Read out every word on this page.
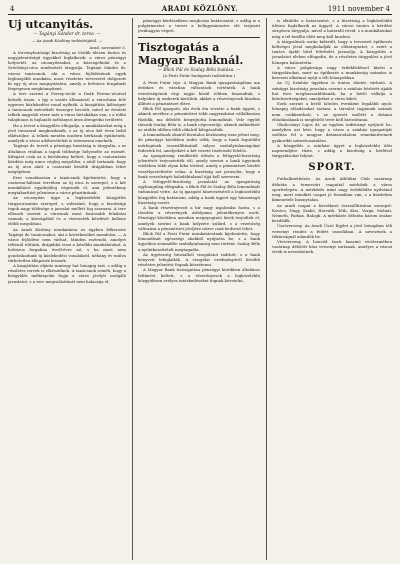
4	ARADI KÖZLÖNY.	1911 november 4
Uj utcanyitás.
— Tagányi Sándor dr. terve. —
— Az Aradi Közlöny tudósítójától. —

Arad, november 3.

A törvényhatósági bizottság az ötödik ülésen fontos és nagyjelentőségű ügyekkel foglalkozik: a város pénzügyi helyzetét, az utcanyitásokat, a közvágóhidat és a Széchényi-utca rendezését tárgyalja. Tagányi Sándor dr. városi tanácsnok, aki a város fejlődésének egyik legbuzgóbb munkása, most részletes tervezetet dolgozott ki egy új utca megnyitására, amely a belváros forgalmát lényegesen megkönnyítené.

A terv szerint a Forray-utcát a Deák Ferenc-utcával kötnék össze, s így a vasúti állomástól a városháza felé egyenes közlekedési vonal nyílnék. A kisajátítás költségeit a tanácsnok mérsékelt összegre becsüli, mivel az érintett telkek nagyobb része már a város birtokában van, s a többi tulajdonos is hajlandó méltányos áron átengedni területét.

Ha a tervet a közgyűlés elfogadja, a munkálatokat még a jövő tavasszal megkezdenék, s az új utca két éven belül elkészülne. A telkek mentén modern bérházak épülnének, amelyek a város adóbevételeit is tetemesen emelnék.

Tagányi dr. tervét a pénzügyi bizottság is tárgyalta, s az általános vitában a tagok többsége helyeselte az eszmét. Kifogást csak az a körülmény keltett, hogy a csatornázás kérdése még nincs végleg megoldva, s attól tartanak, hogy az új utca alatt a csatornát később drágábban lehet megépíteni.

Erre vonatkozóan a tanácsnok kijelentette, hogy a csatorna-hálózat tervében az új utca is szerepel, s a két munkálatot egyidejűleg végeznék el, ami jelentékeny megtakarítást jelentene a város pénztárának.

Az utcanyitás ügye a legközelebbi közgyűlés tárgysorozatán szerepel, s valószínű, hogy a bizottsági tagok nagy többsége a javaslat mellett fog szavazni. A terv ellenzői szerint a városnak most fontosabb feladatai vannak; a közvágóhíd és a vízvezeték kérdését kellene előbb megoldani.

Az Aradi Közlöny munkatársa ez ügyben felkereste Tagányi dr. tanácsnokot, aki a következőket mondotta: — A város fejlődése nem várhat. Minden esztendő, amelyet tétlenül töltünk, drágábbá teszi a későbbi munkálatokat. A belváros forgalma évről-évre nő, s ha most nem gondoskodunk új közlekedési vonalakról, néhány év múlva tűrhetetlen állapotok lesznek.

A kisajátítási eljárás mintegy hat hónapig tart, s addig a részletes tervek is elkészülnek. A tanácsnok reméli, hogy a közgyűlés méltányolni fogja a város jövőjét szolgáló javaslatot, s a terv megvalósítását nem halasztja el.

pénzügyi kérdésekben meghozza határozatát, s addig is a polgármester a tervet a belügyminiszter elé terjeszti jóváhagyás végett.

Tisztogatás a Magyar Banknál.
— Blick Pál és Szalay Béla bukása. —
(A Pesti Futár budapesti tudósítása.)

A Pesti Futár írja: A Magyar Bank igazgatóságában ma érdekes és váratlan változások történtek. A bank vezetőségének régi tagjai közül többen lemondtak, s helyükre új emberek kerültek, akiket a részvényesek bizalma állított a pénzintézet élére.

Blick Pál igazgató, aki évek óta vezette a bank ügyeit, s akinek nevéhez a pénzintézet több nagyszabású vállalkozása fűződik, ma délelőtt benyújtotta lemondását. Vele együtt távozik Szalay Béla is, a bank cégvezetője, akinek működését az utóbbi időben több oldalról kifogásolták.

A lemondások okairól hivatalos közlemény nem jelent meg, de pénzügyi körökben tudni vélik, hogy a bank legutóbbi mérlegének összeállításánál súlyos szabálytalanságokat fedeztek fel, amelyekért a két vezető tisztviselő felelős.

Az igazgatóság rendkívüli ülésén a felügyelő-bizottság jelentését terjesztették elő, amely szerint a bank ügyeinek vitelében több olyan hiba történt, amely a pénzintézet hitelét veszélyeztethette volna. A bizottság azt javasolta, hogy a bank vezetőségét haladéktalanul újjá kell szervezni.

A felügyelő-bizottság javaslatát az igazgatóság egyhangúlag elfogadta, s Blick Pál és Szalay Béla lemondását tudomásul vette. Az új igazgató kinevezéséről a legközelebbi közgyűlés fog határozni, addig a bank ügyeit egy háromtagú bizottság vezeti.

A bank részvényeseit a hír nagy izgalomba hozta, s a tőzsdén a részvények árfolyama jelentékenyen esett. Pénzügyi körökben azonban megnyugtató hírek terjedtek el, amelyek szerint a bank helyzete szilárd, s a vezetőség változása a pénzintézet jövőjére nézve csak kedvező lehet.

Blick Pál a Pesti Futár munkatársának kijelentette, hogy lemondását egészségi okokból nyújtotta be, s a bank ügyeiben semmiféle szabálytalanság nem történt. Szalay Béla a nyilatkozattételt megtagadta.

Az ügyészség hivatalból vizsgálatot indított, s a bank könyveit lefoglalták. A vizsgálat eredményéről később részletes jelentést fognak közzétenni.

A Magyar Bank tisztogatása pénzügyi körökben általános feltűnést keltett, s a részvényesek a legközelebbi közgyűlésen erélyes intézkedéseket fognak követelni.

is elküldte a határozatot, s a bizottság a legközelebbi ülésen foglalkozik az üggyel. A városi tanács a kérdést sürgősen tárgyalja, mivel a határidő rövid, s a munkálatokat még a tél beállta előtt meg kell kezdeni.

A tárgyalások során kiderült, hogy a tervezett építkezés költségei jóval meghaladják az előirányzatot, s ezért a tanács újabb hitel felvételét javasolja. A közgyűlés a javaslatot elvben elfogadta, de a részletes tárgyalást a jövő hónapra halasztotta.

A város polgársága nagy érdeklődéssel kíséri a tárgyalásokat, mert az építkezés a munkásság számára is kereseti alkalmat nyújt a téli hónapokban.

Az Uj Színház ügyében is fontos döntés várható. A színügyi bizottság javaslata szerint a színház bérletét újabb hat évre meghosszabbítanák, ha a bérlő vállalja a kötelezettségeket, amelyeket a város kiköt.

Ezek szerint a bérlő köteles évenként legalább nyolc hónapig előadásokat tartani, a társulat tagjainak számát nem csökkentheti, s az operett mellett a drámai előadásoknak is megfelelő teret kell biztosítania.

Okolicsányi Lajos dr. az ügyben indítványt nyújtott be, amelyben azt kéri, hogy a város a színház igazgatóját szólítsa fel a magyar drámairodalom remekműveinek gyakoribb színrehozatalára.

A közgyűlés a színházi ügyet a legközelebbi ülés napirendjére tűzte, s addig a bizottság a bérlővel tárgyalásokat folytat.

SPORT.

Futballmérkőzés. Az Aradi Atlétikai Club vasárnap délután a temesvári csapattal mérkőzik a város sporttelepén. A mérkőzés iránt nagy érdeklődés nyilvánul meg, mert mindkét csapat jó formában van, s a küzdelem kimenetele bizonytalan.

Az aradi csapat a következő összeállításban szerepel: Kovács, Nagy, Szabó, Horváth, Tóth, Kiss, Varga, Molnár, Németh, Farkas, Balogh. A mérkőzés délután három órakor kezdődik.

Úszóverseny. Az Aradi Úszó Egylet a jövő hónapban téli versenyt rendez a fedett uszodában. A nevezések a titkárságnál adandók be.

Vívóverseny. A honvéd tiszti kaszinó vívótermében vasárnap délelőtt házi versenyt tartanak, amelyre a városi vívók is nevezhetnek.
